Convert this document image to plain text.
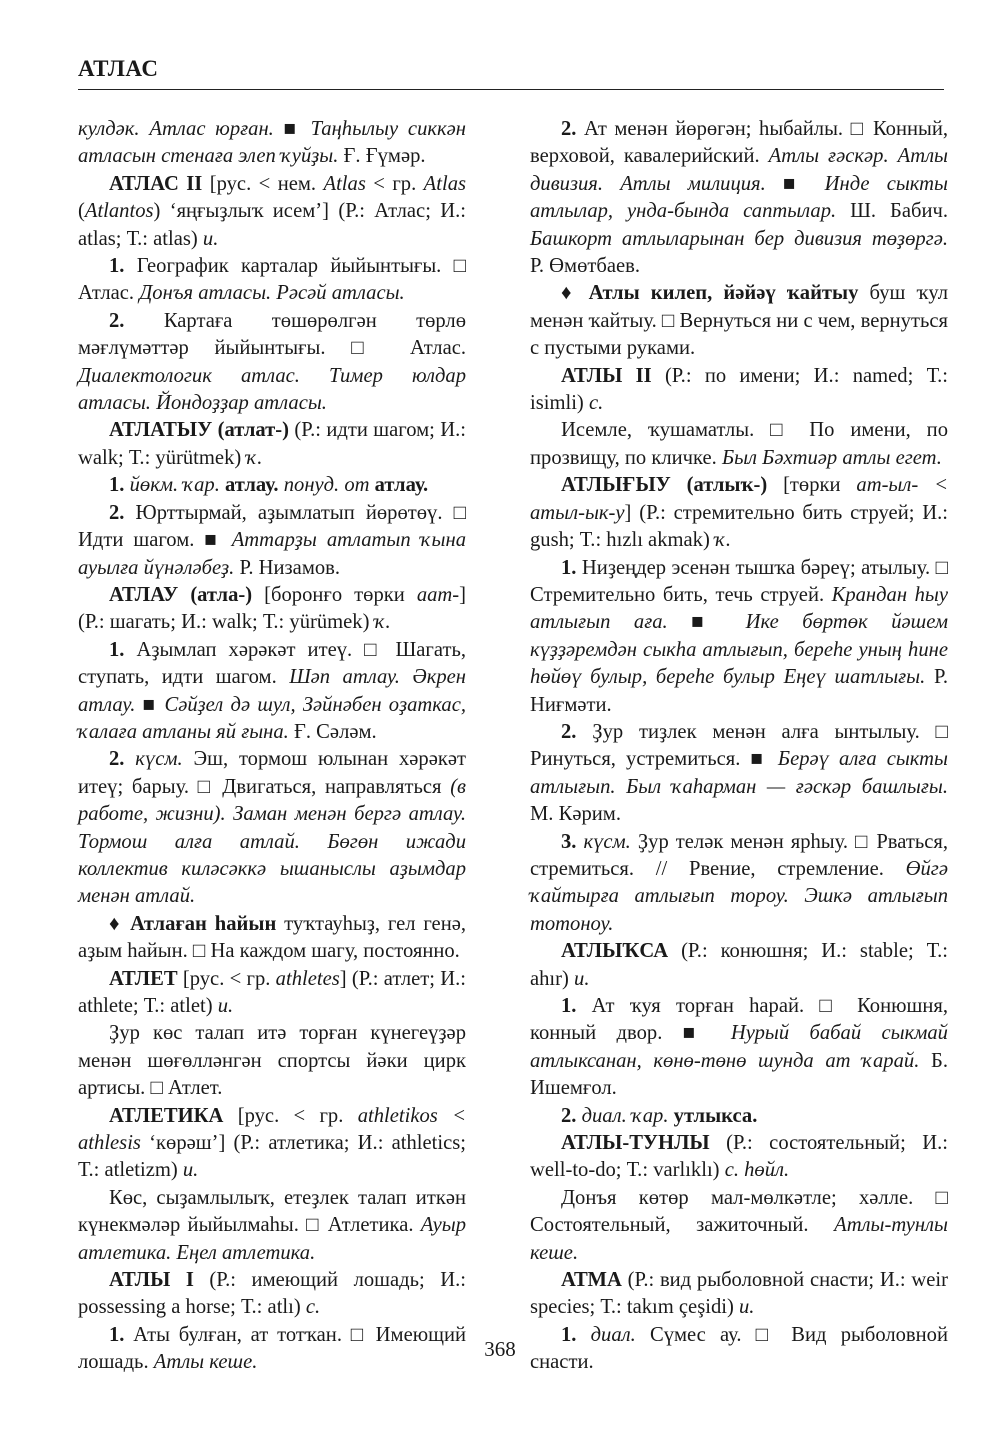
АТЛАС

кулдәк. Атлас юрған. ■ Таңһылыу сиккән атласын стенаға элеп ҡуйҙы. Ғ. Ғүмәр.

АТЛАС II [рус. < нем. Atlas < гр. Atlas (Atlantos) ‘яңғыҙлыҡ исем’] (Р.: Атлас; И.: atlas; Т.: atlas) и.

1. Географик карталар йыйынтығы. □ Атлас. Донъя атласы. Рәсәй атласы.

2. Картаға төшөрөлгән төрлө мәғлүмәттәр йыйынтығы. □ Атлас. Диалектологик атлас. Тимер юлдар атласы. Йондоҙҙар атласы.

АТЛАТЫУ (атлат-) (Р.: идти шагом; И.: walk; Т.: yürütmek) ҡ.

1. йөкм. ҡар. атлау. понуд. от атлау.

2. Юрттырмай, аҙымлатып йөрөтөү. □ Идти шагом. ■ Аттарҙы атлатып ҡына ауылға йүнәләбеҙ. Р. Низамов.

АТЛАУ (атла-) [боронғо төрки аат-] (Р.: шагать; И.: walk; Т.: yürümek) ҡ.

1. Аҙымлап хәрәкәт итеү. □ Шагать, ступать, идти шагом. Шәп атлау. Әкрен атлау. ■ Сәйҙел дә шул, Зәйнәбен оҙаткас, ҡалаға атланы яй ғына. Ғ. Сәләм.

2. күсм. Эш, тормош юлынан хәрәкәт итеү; барыу. □ Двигаться, направляться (в работе, жизни). Заман менән бергә атлау. Тормош алға атлай. Бөгөн ижади коллектив киләсәккә ышанысл‍ы аҙымдар менән атлай.

♦ Атлаған һайын туҡтауһыҙ, гел генә, аҙым һайын. □ На каждом шагу, постоянно.

АТЛЕТ [рус. < гр. athletes] (Р.: атлет; И.: athlete; Т.: atlet) и.

Ҙур көс талап итә торған күнегеүҙәр менән шөғөлләнгән спортсы йәки цирк артисы. □ Атлет.

АТЛЕТИКА [рус. < гр. athletikos < athlesis ‘көрәш’] (Р.: атлетика; И.: athletics; Т.: atletizm) и.

Көс, сыҙамлылыҡ, етеҙлек талап иткән күнекмәләр йыйылмаһы. □ Атлетика. Ауыр атлетика. Еңел атлетика.

АТЛЫ I (Р.: имеющий лошадь; И.: possessing a horse; Т.: atlı) с.

1. Аты булған, ат тотҡан. □ Имеющий лошадь. Атлы кеше.

2. Ат менән йөрөгән; һыбайлы. □ Конный, верховой, кавалерийский. Атлы ғәскәр. Атлы дивизия. Атлы милиция. ■ Инде сыкты атлылар, унда-бында саптылар. Ш. Бабич. Башкорт атлыларынан бер дивизия төҙөргә. Р. Өмөтбаев.

♦ Атлы килеп, йәйәү ҡайтыу буш ҡул менән ҡайтыу. □ Вернуться ни с чем, вернуться с пустыми руками.

АТЛЫ II (Р.: по имени; И.: named; Т.: isimli) с.

Исемле, ҡушаматлы. □ По имени, по прозвищу, по кличке. Был Бәхтиәр атлы егет.

АТЛЫҒЫУ (атлыҡ-) [төрки ат-ыл- < атыл-ык-у] (Р.: стремительно бить струей; И.: gush; Т.: hızlı akmak) ҡ.

1. Ниҙеңдер эсенән тышҡа бәреү; атылыу. □ Стремительно бить, течь струей. Крандан һыу атлығып аға. ■ Ике бөртөк йәшем күҙҙәремдән сыкһа атлығып, береһе уның һине һөйөү булыр, береһе булыр Еңеү шатлығы. Р. Ниғмәти.

2. Ҙур тиҙлек менән алға ынтылыу. □ Ринуться, устремиться. ■ Берәү алға сыкты атлығып. Был ҡаһарман — ғәскәр башлығы. М. Кәрим.

3. күсм. Ҙур теләк менән ярһыу. □ Рваться, стремиться. // Рвение, стремление. Өйгә ҡайтырға атлығып тороу. Эшкә атлығып тотоноу.

АТЛЫҠСА (Р.: конюшня; И.: stable; Т.: ahır) и.

1. Ат ҡуя торған һарай. □ Конюшня, конный двор. ■ Нурый бабай сыкмай атлыксанан, көнө-төнө шунда ат ҡарай. Б. Ишемғол.

2. диал. ҡар. утлыкса.

АТЛЫ-ТУНЛЫ (Р.: состоятельный; И.: well-to-do; Т.: varlıklı) с. һөйл.

Донъя көтөр мал-мөлкәтле; хәлле. □ Состоятельный, зажиточный. Атлы-тунлы кеше.

АТМА (Р.: вид рыболовной снасти; И.: weir species; Т.: takım çeşidi) и.

1. диал. Сүмес ау. □ Вид рыболовной снасти.

368
